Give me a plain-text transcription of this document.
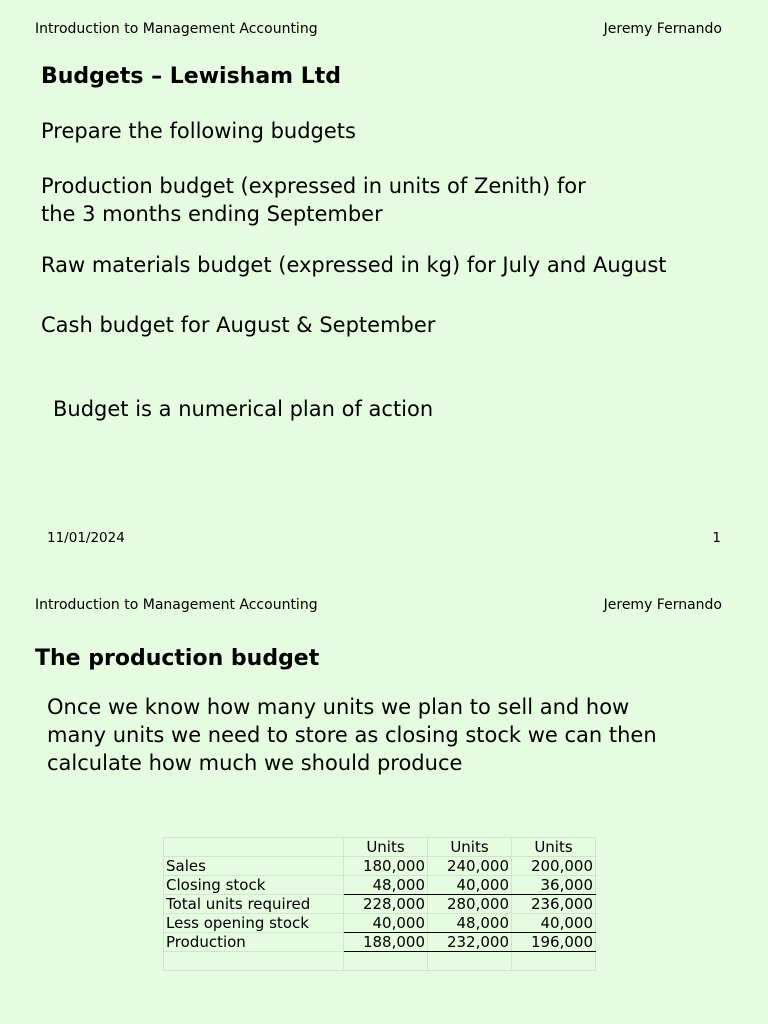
Introduction to Management Accounting	Jeremy Fernando
Budgets – Lewisham Ltd
Prepare the following budgets
Production budget (expressed in units of Zenith) for
the 3 months ending September
Raw materials budget (expressed in kg) for July and August
Cash budget for August & September
Budget is a numerical plan of action
11/01/2024	1
Introduction to Management Accounting	Jeremy Fernando
The production budget
Once we know how many units we plan to sell and how
many units we need to store as closing stock we can then
calculate how much we should produce
	Units	Units	Units
Sales	180,000	240,000	200,000
Closing stock	48,000	40,000	36,000
Total units required	228,000	280,000	236,000
Less opening stock	40,000	48,000	40,000
Production	188,000	232,000	196,000
